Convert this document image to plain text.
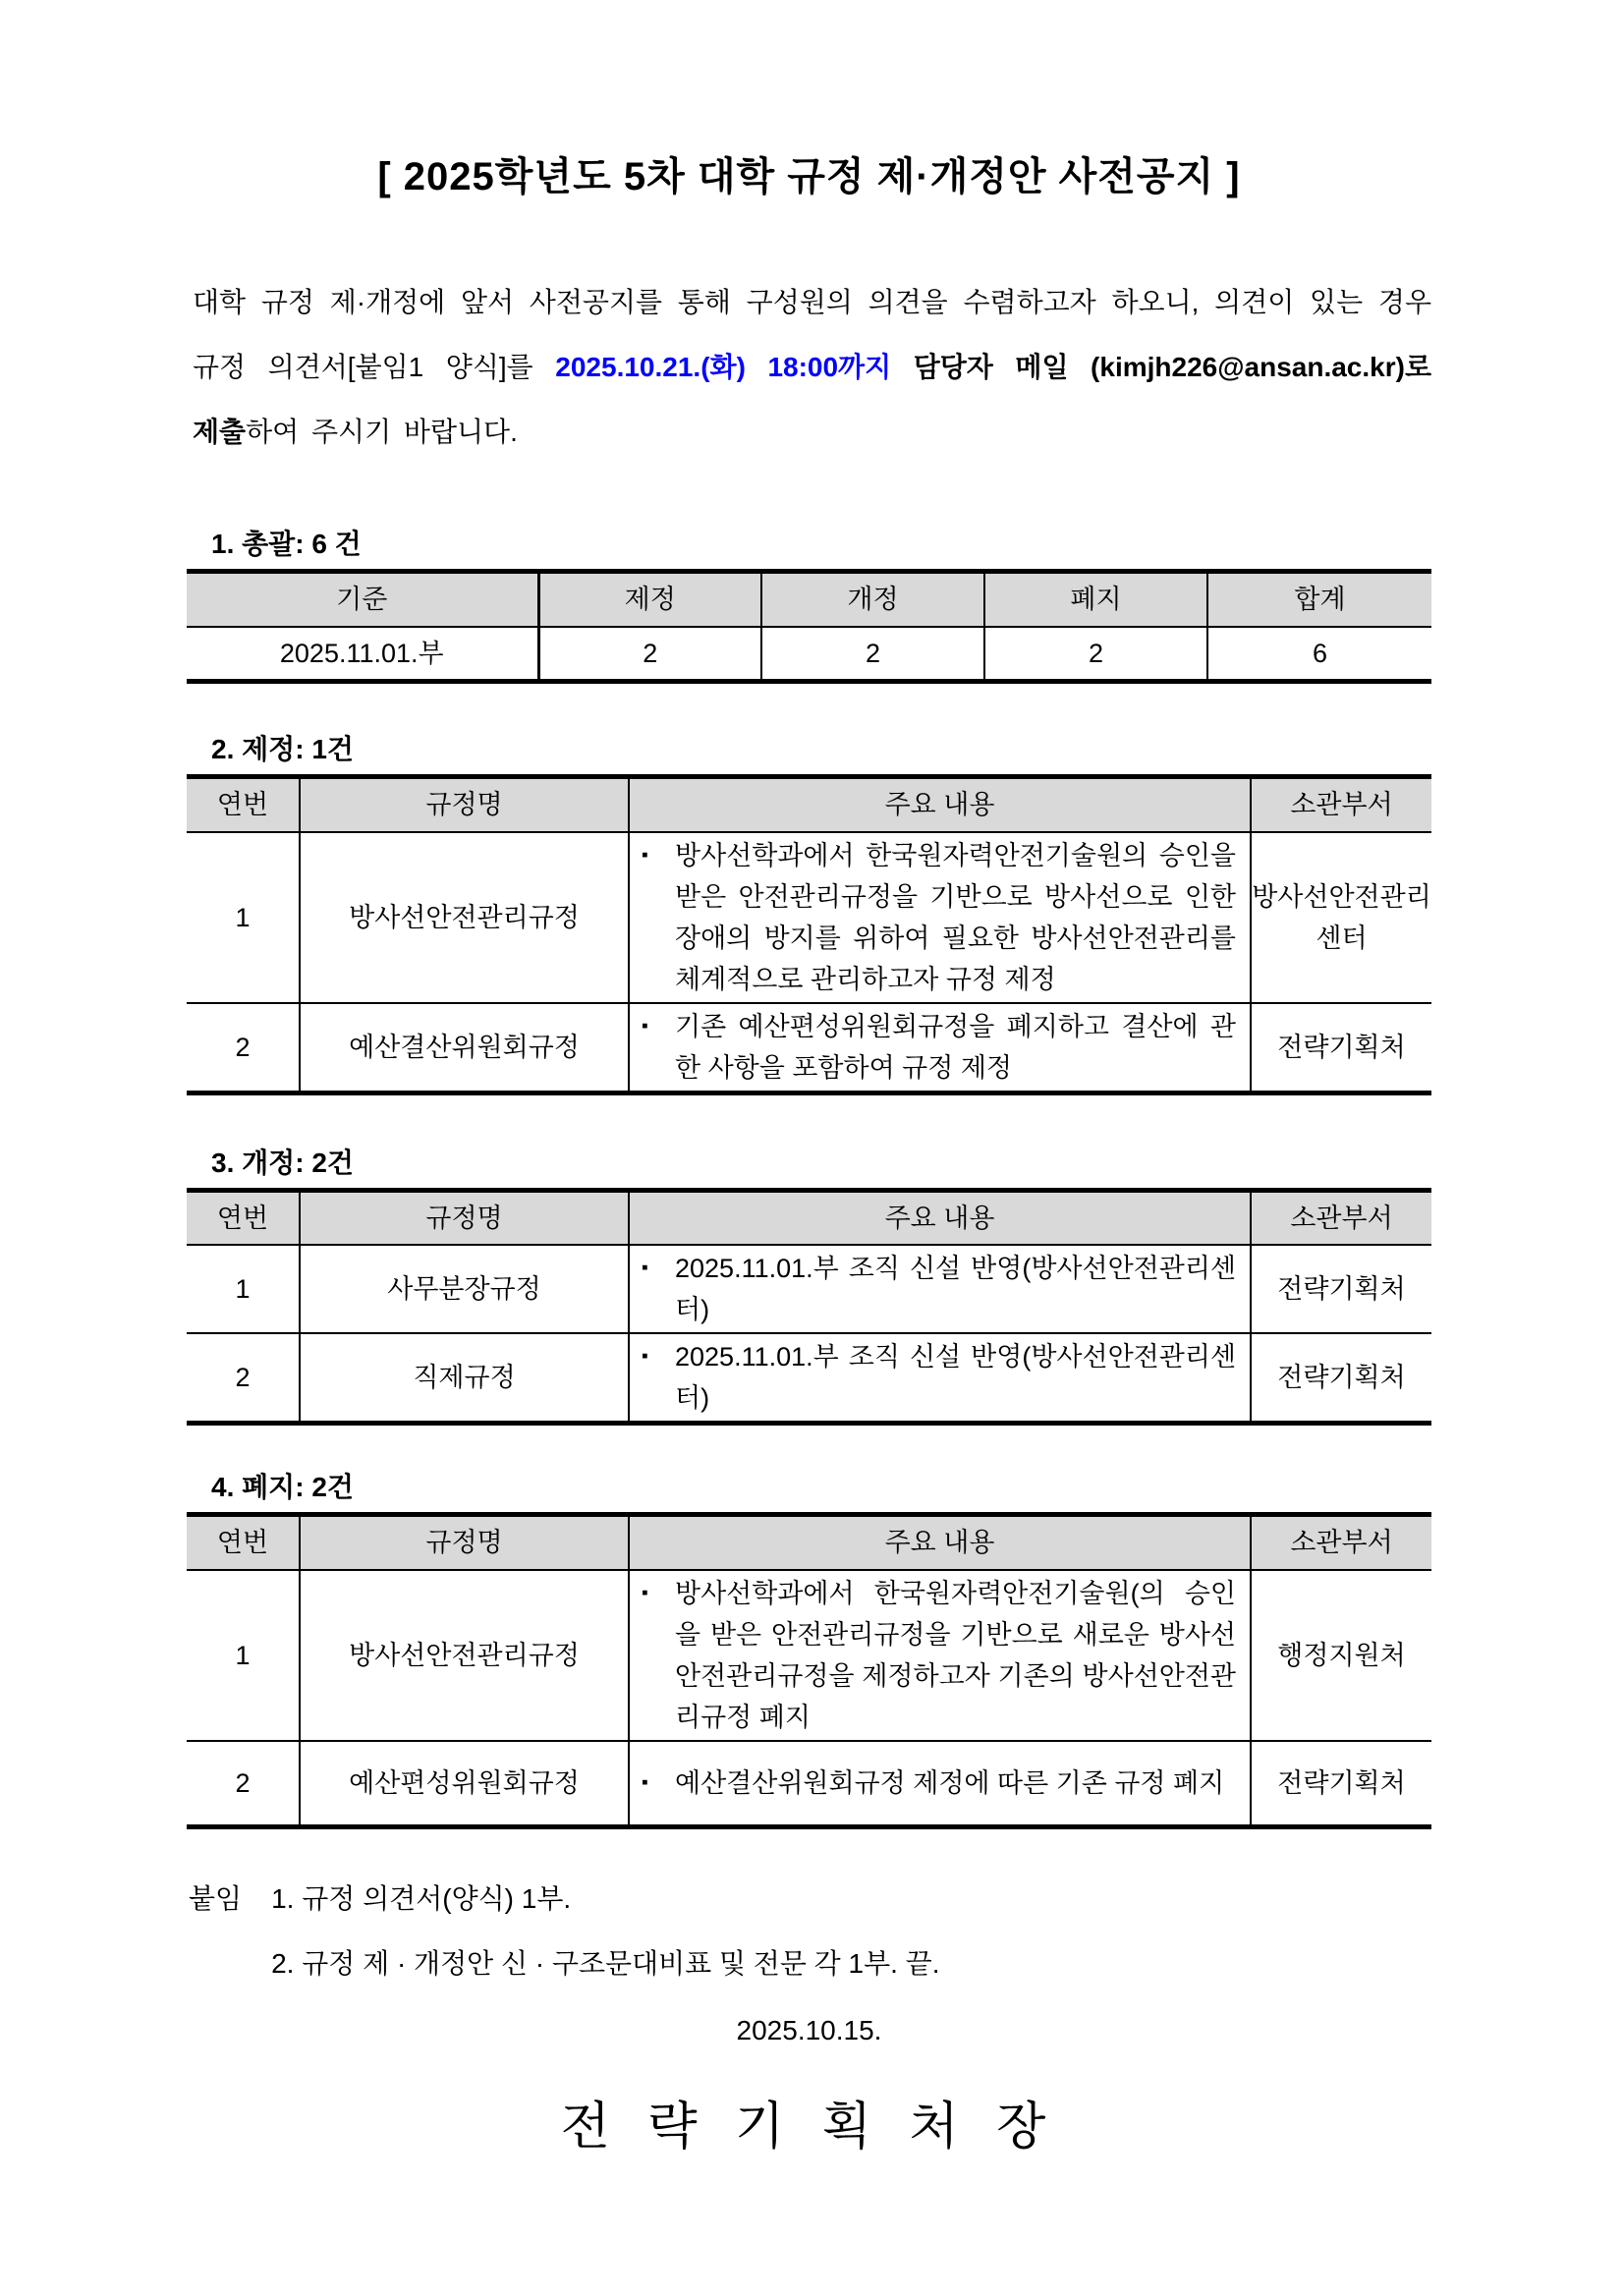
[ 2025학년도 5차 대학 규정 제·개정안 사전공지 ]

대학 규정 제·개정에 앞서 사전공지를 통해 구성원의 의견을 수렴하고자 하오니, 의견이 있는 경우 규정 의견서[붙임1 양식]를 2025.10.21.(화) 18:00까지 담당자 메일 (kimjh226@ansan.ac.kr)로 제출하여 주시기 바랍니다.

1. 총괄: 6 건
기준	제정	개정	폐지	합계
2025.11.01.부	2	2	2	6
2. 제정: 1건
연번	규정명	주요 내용	소관부서
1	방사선안전관리규정	▪ 방사선학과에서 한국원자력안전기술원의 승인을 받은 안전관리규정을 기반으로 방사선으로 인한 장애의 방지를 위하여 필요한 방사선안전관리를 체계적으로 관리하고자 규정 제정	방사선안전관리센터
2	예산결산위원회규정	▪ 기존 예산편성위원회규정을 폐지하고 결산에 관한 사항을 포함하여 규정 제정	전략기획처
3. 개정: 2건
연번	규정명	주요 내용	소관부서
1	사무분장규정	▪ 2025.11.01.부 조직 신설 반영(방사선안전관리센터)	전략기획처
2	직제규정	▪ 2025.11.01.부 조직 신설 반영(방사선안전관리센터)	전략기획처
4. 폐지: 2건
연번	규정명	주요 내용	소관부서
1	방사선안전관리규정	▪ 방사선학과에서 한국원자력안전기술원(의 승인을 받은 안전관리규정을 기반으로 새로운 방사선안전관리규정을 제정하고자 기존의 방사선안전관리규정 폐지	행정지원처
2	예산편성위원회규정	▪ 예산결산위원회규정 제정에 따른 기존 규정 폐지	전략기획처
붙임 1. 규정 의견서(양식) 1부.
2. 규정 제 · 개정안 신 · 구조문대비표 및 전문 각 1부. 끝.
2025.10.15.
전 략 기 획 처 장
